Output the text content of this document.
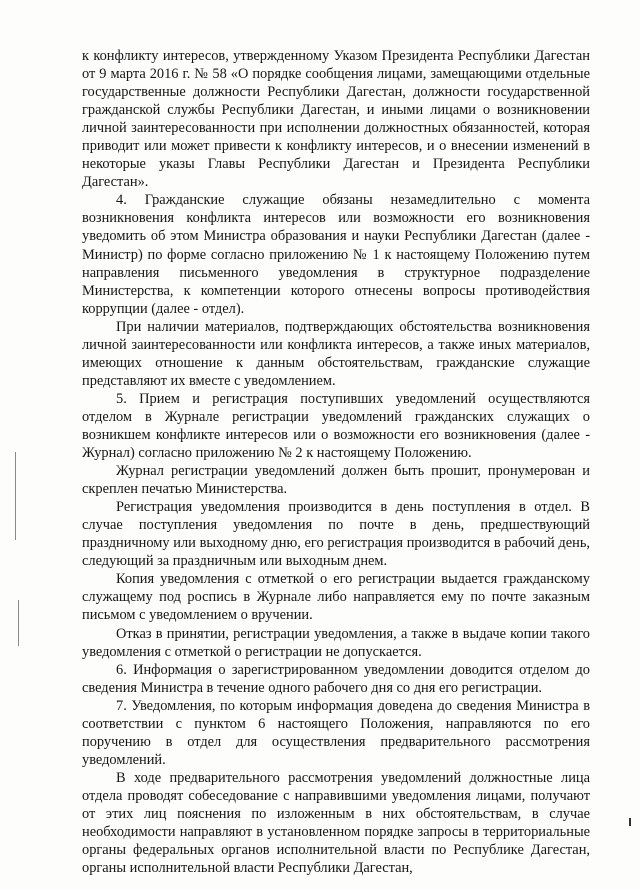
к конфликту интересов, утвержденному Указом Президента Республики Дагестан от 9 марта 2016 г. № 58 «О порядке сообщения лицами, замещающими отдельные государственные должности Республики Дагестан, должности государственной гражданской службы Республики Дагестан, и иными лицами о возникновении личной заинтересованности при исполнении должностных обязанностей, которая приводит или может привести к конфликту интересов, и о внесении изменений в некоторые указы Главы Республики Дагестан и Президента Республики Дагестан».

4. Гражданские служащие обязаны незамедлительно с момента возникновения конфликта интересов или возможности его возникновения уведомить об этом Министра образования и науки Республики Дагестан (далее - Министр) по форме согласно приложению № 1 к настоящему Положению путем направления письменного уведомления в структурное подразделение Министерства, к компетенции которого отнесены вопросы противодействия коррупции (далее - отдел).

При наличии материалов, подтверждающих обстоятельства возникновения личной заинтересованности или конфликта интересов, а также иных материалов, имеющих отношение к данным обстоятельствам, гражданские служащие представляют их вместе с уведомлением.

5. Прием и регистрация поступивших уведомлений осуществляются отделом в Журнале регистрации уведомлений гражданских служащих о возникшем конфликте интересов или о возможности его возникновения (далее - Журнал) согласно приложению № 2 к настоящему Положению.

Журнал регистрации уведомлений должен быть прошит, пронумерован и скреплен печатью Министерства.

Регистрация уведомления производится в день поступления в отдел. В случае поступления уведомления по почте в день, предшествующий праздничному или выходному дню, его регистрация производится в рабочий день, следующий за праздничным или выходным днем.

Копия уведомления с отметкой о его регистрации выдается гражданскому служащему под роспись в Журнале либо направляется ему по почте заказным письмом с уведомлением о вручении.

Отказ в принятии, регистрации уведомления, а также в выдаче копии такого уведомления с отметкой о регистрации не допускается.

6. Информация о зарегистрированном уведомлении доводится отделом до сведения Министра в течение одного рабочего дня со дня его регистрации.

7. Уведомления, по которым информация доведена до сведения Министра в соответствии с пунктом 6 настоящего Положения, направляются по его поручению в отдел для осуществления предварительного рассмотрения уведомлений.

В ходе предварительного рассмотрения уведомлений должностные лица отдела проводят собеседование с направившими уведомления лицами, получают от этих лиц пояснения по изложенным в них обстоятельствам, в случае необходимости направляют в установленном порядке запросы в территориальные органы федеральных органов исполнительной власти по Республике Дагестан, органы исполнительной власти Республики Дагестан,
